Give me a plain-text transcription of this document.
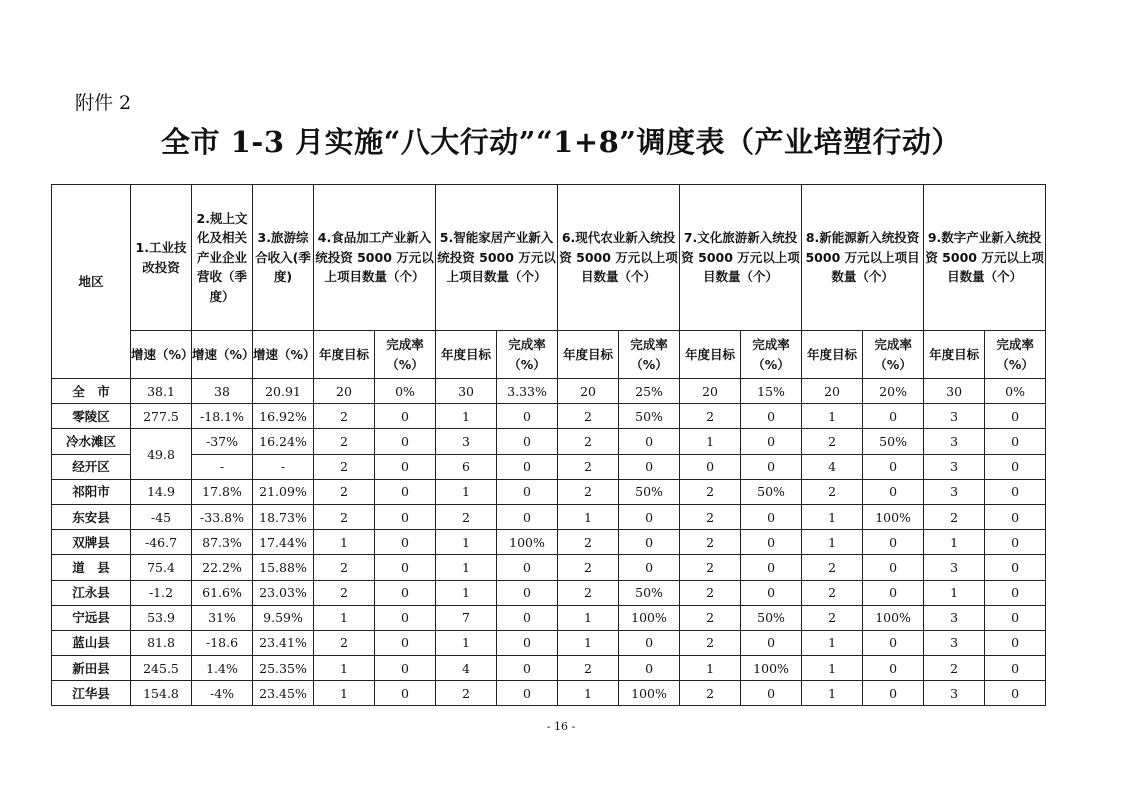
附件 2
全市 1-3 月实施“八大行动”“1+8”调度表（产业培塑行动）
地区	1.工业技改投资	2.规上文化及相关产业企业营收（季度）	3.旅游综合收入(季度)	4.食品加工产业新入统投资 5000 万元以上项目数量（个）		5.智能家居产业新入统投资 5000 万元以上项目数量（个）		6.现代农业新入统投资 5000 万元以上项目数量（个）		7.文化旅游新入统投资 5000 万元以上项目数量（个）		8.新能源新入统投资 5000 万元以上项目数量（个）		9.数字产业新入统投资 5000 万元以上项目数量（个）	
	增速（%）	增速（%）	增速（%）	年度目标	完成率（%）	年度目标	完成率（%）	年度目标	完成率（%）	年度目标	完成率（%）	年度目标	完成率（%）	年度目标	完成率（%）
全　市	38.1	38	20.91	20	0%	30	3.33%	20	25%	20	15%	20	20%	30	0%
零陵区	277.5	-18.1%	16.92%	2	0	1	0	2	50%	2	0	1	0	3	0
冷水滩区	49.8	-37%	16.24%	2	0	3	0	2	0	1	0	2	50%	3	0
经开区		-	-	2	0	6	0	2	0	0	0	4	0	3	0
祁阳市	14.9	17.8%	21.09%	2	0	1	0	2	50%	2	50%	2	0	3	0
东安县	-45	-33.8%	18.73%	2	0	2	0	1	0	2	0	1	100%	2	0
双牌县	-46.7	87.3%	17.44%	1	0	1	100%	2	0	2	0	1	0	1	0
道　县	75.4	22.2%	15.88%	2	0	1	0	2	0	2	0	2	0	3	0
江永县	-1.2	61.6%	23.03%	2	0	1	0	2	50%	2	0	2	0	1	0
宁远县	53.9	31%	9.59%	1	0	7	0	1	100%	2	50%	2	100%	3	0
蓝山县	81.8	-18.6	23.41%	2	0	1	0	1	0	2	0	1	0	3	0
新田县	245.5	1.4%	25.35%	1	0	4	0	2	0	1	100%	1	0	2	0
江华县	154.8	-4%	23.45%	1	0	2	0	1	100%	2	0	1	0	3	0
- 16 -
